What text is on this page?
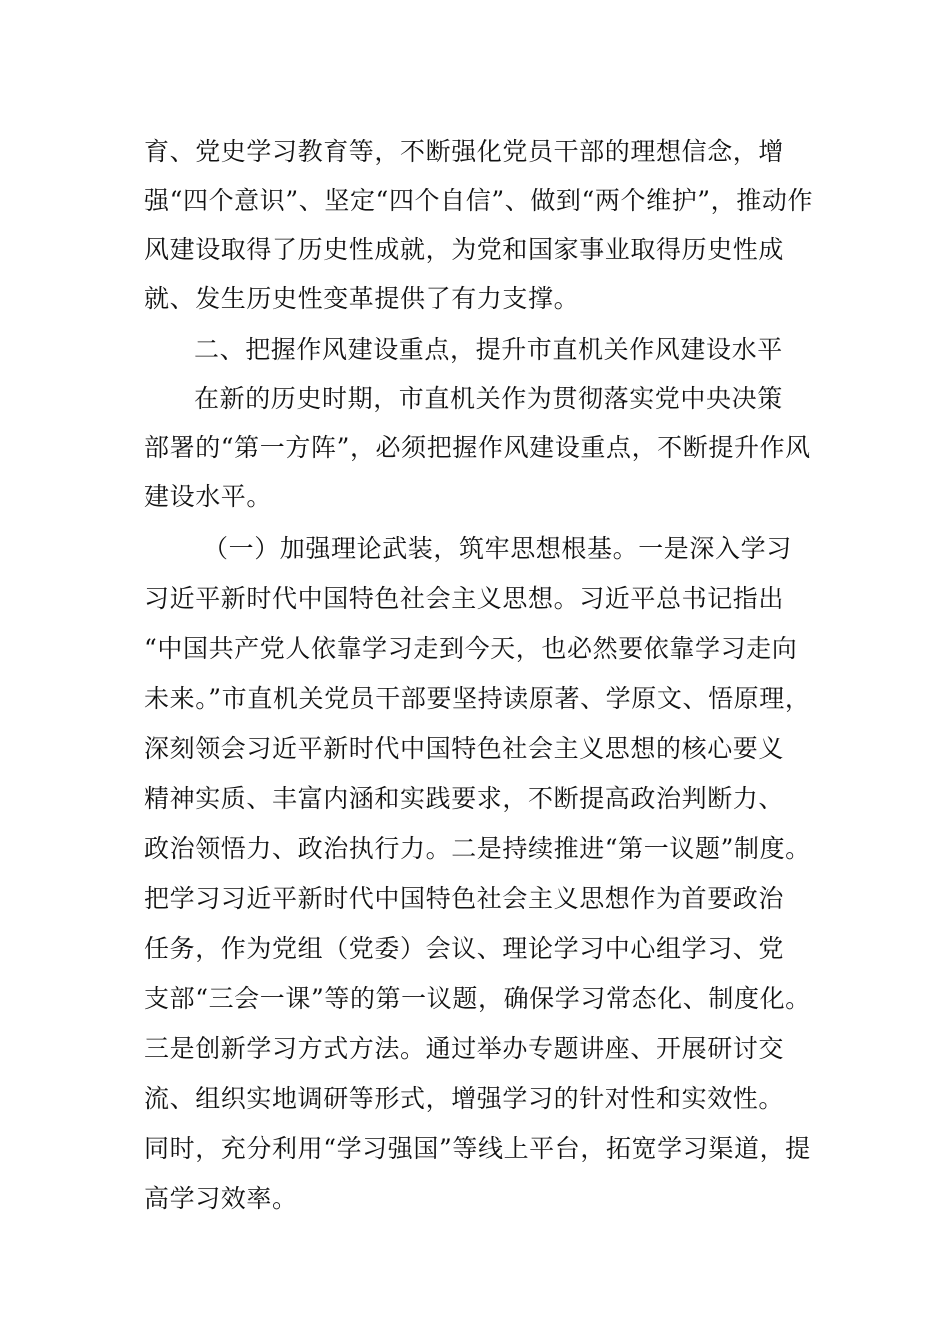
育、党史学习教育等，不断强化党员干部的理想信念，增
强“四个意识”、坚定“四个自信”、做到“两个维护”，推动作
风建设取得了历史性成就，为党和国家事业取得历史性成
就、发生历史性变革提供了有力支撑。
二、把握作风建设重点，提升市直机关作风建设水平
在新的历史时期，市直机关作为贯彻落实党中央决策
部署的“第一方阵”，必须把握作风建设重点，不断提升作风
建设水平。
（一）加强理论武装，筑牢思想根基。一是深入学习
习近平新时代中国特色社会主义思想。习近平总书记指出
“中国共产党人依靠学习走到今天，也必然要依靠学习走向
未来。”市直机关党员干部要坚持读原著、学原文、悟原理，
深刻领会习近平新时代中国特色社会主义思想的核心要义
精神实质、丰富内涵和实践要求，不断提高政治判断力、
政治领悟力、政治执行力。二是持续推进“第一议题”制度。
把学习习近平新时代中国特色社会主义思想作为首要政治
任务，作为党组（党委）会议、理论学习中心组学习、党
支部“三会一课”等的第一议题，确保学习常态化、制度化。
三是创新学习方式方法。通过举办专题讲座、开展研讨交
流、组织实地调研等形式，增强学习的针对性和实效性。
同时，充分利用“学习强国”等线上平台，拓宽学习渠道，提
高学习效率。
